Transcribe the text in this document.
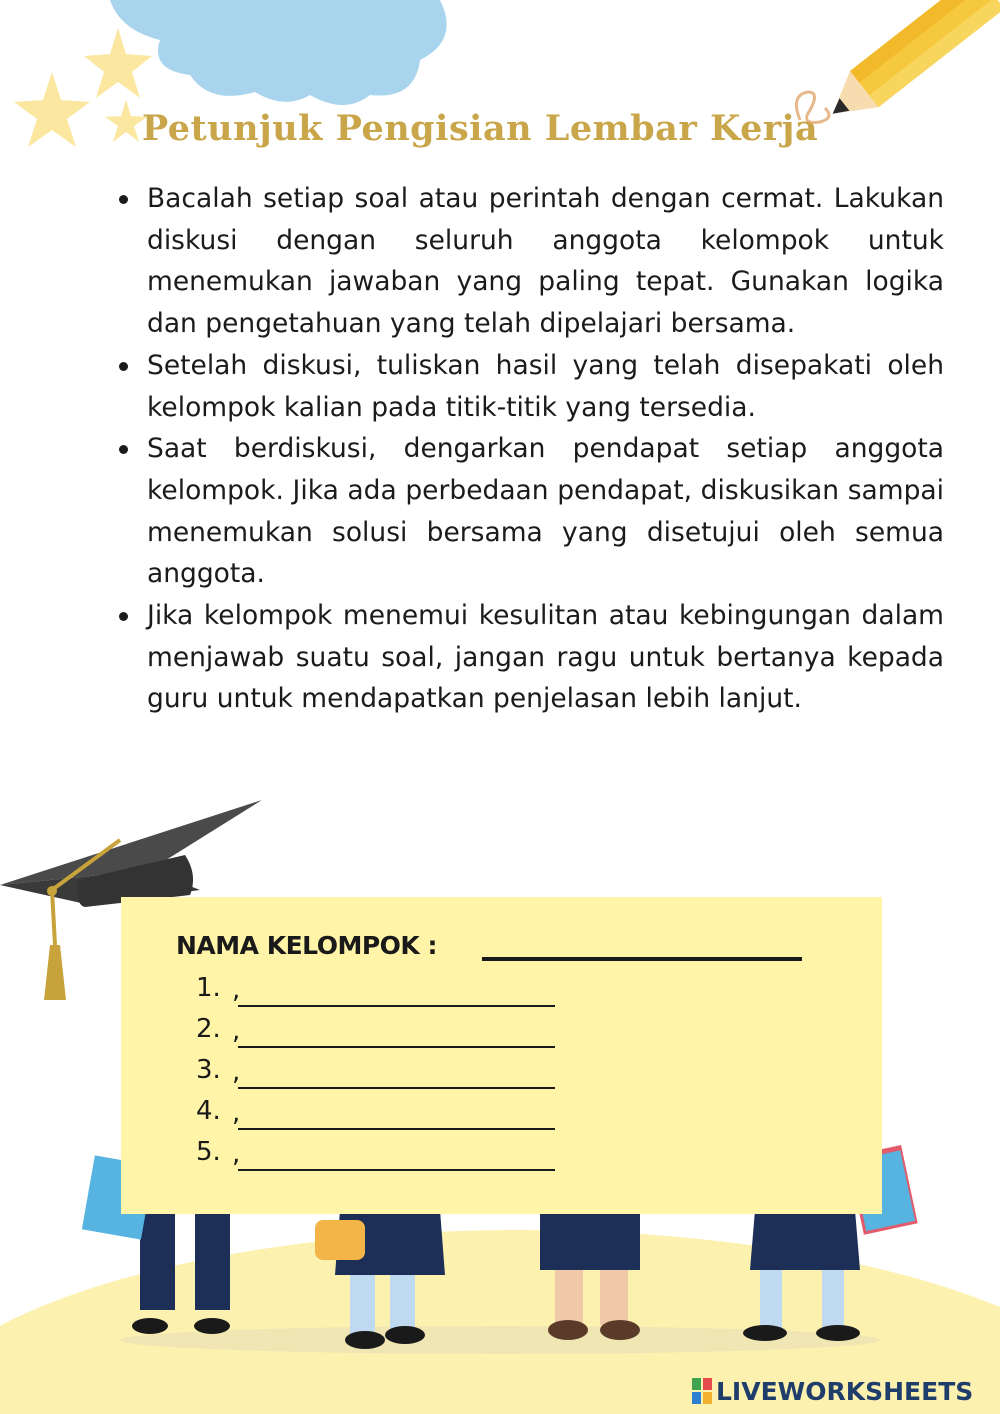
Petunjuk Pengisian Lembar Kerja
Bacalah setiap soal atau perintah dengan cermat. Lakukan diskusi dengan seluruh anggota kelompok untuk menemukan jawaban yang paling tepat. Gunakan logika dan pengetahuan yang telah dipelajari bersama.
Setelah diskusi, tuliskan hasil yang telah disepakati oleh kelompok kalian pada titik-titik yang tersedia.
Saat berdiskusi, dengarkan pendapat setiap anggota kelompok. Jika ada perbedaan pendapat, diskusikan sampai menemukan solusi bersama yang disetujui oleh semua anggota.
Jika kelompok menemui kesulitan atau kebingungan dalam menjawab suatu soal, jangan ragu untuk bertanya kepada guru untuk mendapatkan penjelasan lebih lanjut.
NAMA KELOMPOK :
1. ,
2. ,
3. ,
4. ,
5. ,
LIVEWORKSHEETS
